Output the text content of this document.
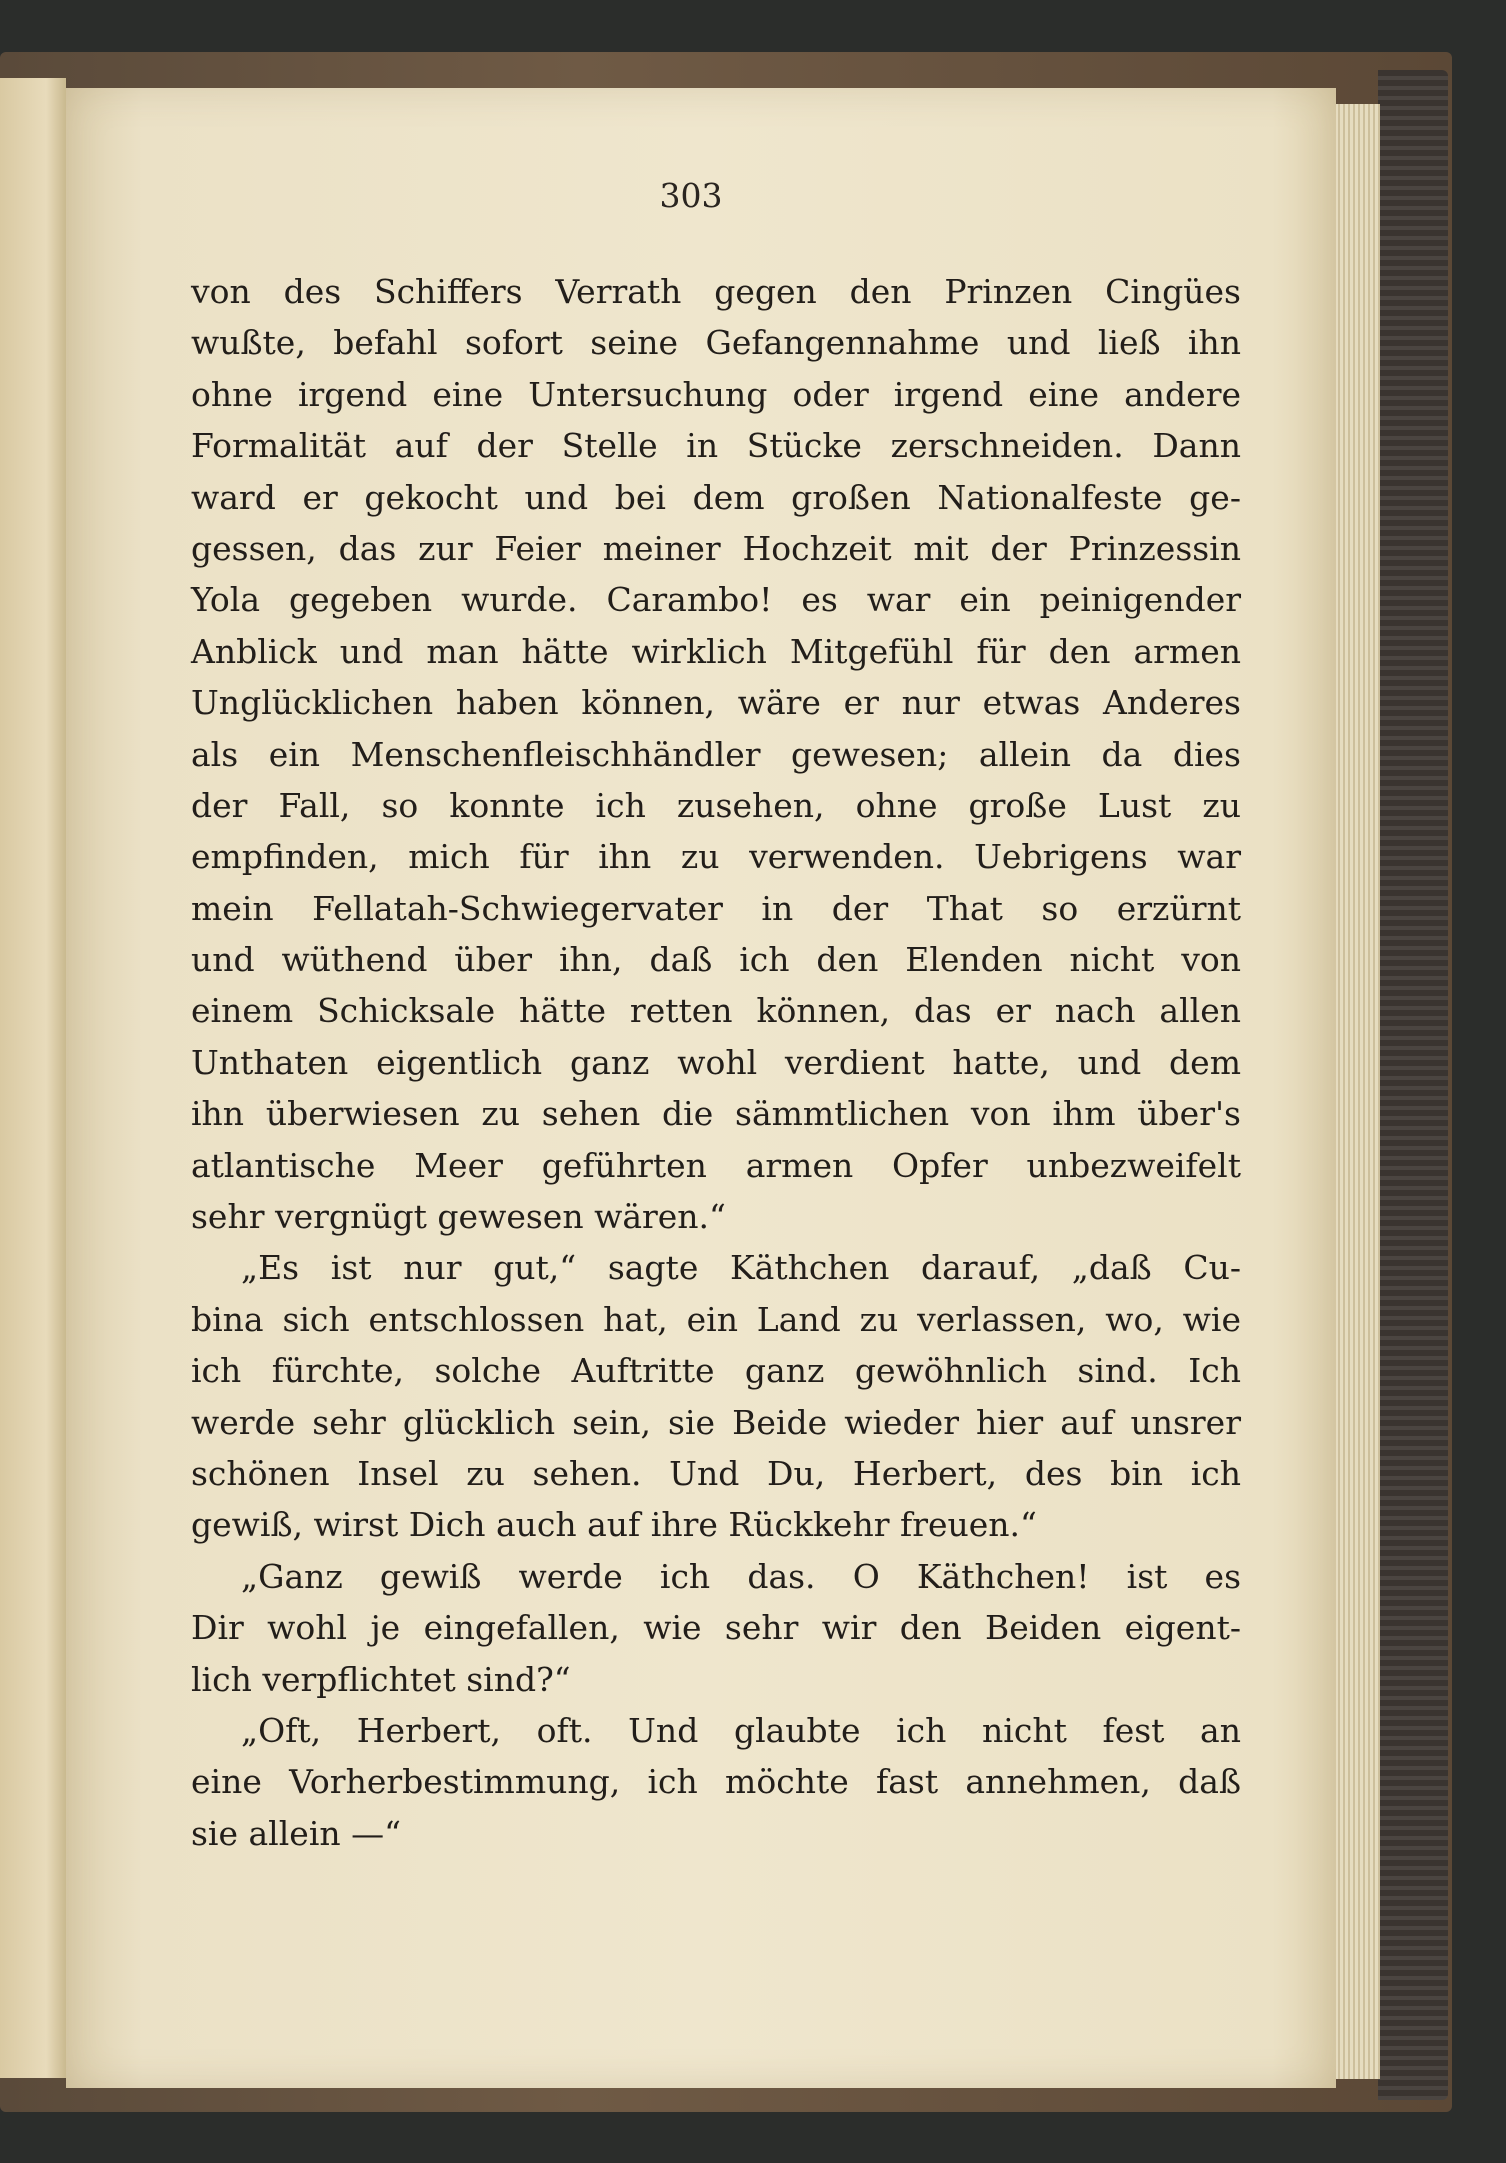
303
von des Schiffers Verrath gegen den Prinzen Cingües
wußte, befahl sofort seine Gefangennahme und ließ ihn
ohne irgend eine Untersuchung oder irgend eine andere
Formalität auf der Stelle in Stücke zerschneiden. Dann
ward er gekocht und bei dem großen Nationalfeste ge-
gessen, das zur Feier meiner Hochzeit mit der Prinzessin
Yola gegeben wurde. Carambo! es war ein peinigender
Anblick und man hätte wirklich Mitgefühl für den armen
Unglücklichen haben können, wäre er nur etwas Anderes
als ein Menschenfleischhändler gewesen; allein da dies
der Fall, so konnte ich zusehen, ohne große Lust zu
empfinden, mich für ihn zu verwenden. Uebrigens war
mein Fellatah-Schwiegervater in der That so erzürnt
und wüthend über ihn, daß ich den Elenden nicht von
einem Schicksale hätte retten können, das er nach allen
Unthaten eigentlich ganz wohl verdient hatte, und dem
ihn überwiesen zu sehen die sämmtlichen von ihm über's
atlantische Meer geführten armen Opfer unbezweifelt
sehr vergnügt gewesen wären.“
„Es ist nur gut,“ sagte Käthchen darauf, „daß Cu-
bina sich entschlossen hat, ein Land zu verlassen, wo, wie
ich fürchte, solche Auftritte ganz gewöhnlich sind. Ich
werde sehr glücklich sein, sie Beide wieder hier auf unsrer
schönen Insel zu sehen. Und Du, Herbert, des bin ich
gewiß, wirst Dich auch auf ihre Rückkehr freuen.“
„Ganz gewiß werde ich das. O Käthchen! ist es
Dir wohl je eingefallen, wie sehr wir den Beiden eigent-
lich verpflichtet sind?“
„Oft, Herbert, oft. Und glaubte ich nicht fest an
eine Vorherbestimmung, ich möchte fast annehmen, daß
sie allein —“
